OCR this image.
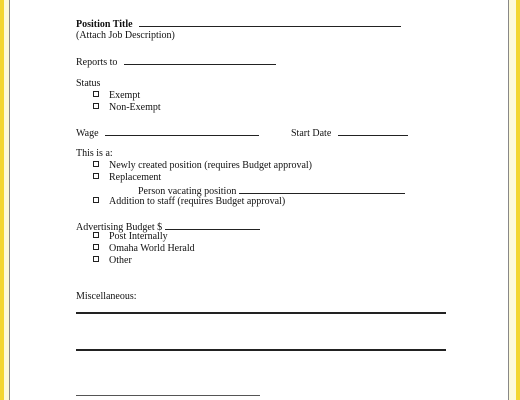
Position Title
(Attach Job Description)
Reports to
Status
Exempt
Non-Exempt
Wage	Start Date
This is a:
Newly created position (requires Budget approval)
Replacement
Person vacating position
Addition to staff (requires Budget approval)
Advertising Budget $
Post Internally
Omaha World Herald
Other
Miscellaneous:
